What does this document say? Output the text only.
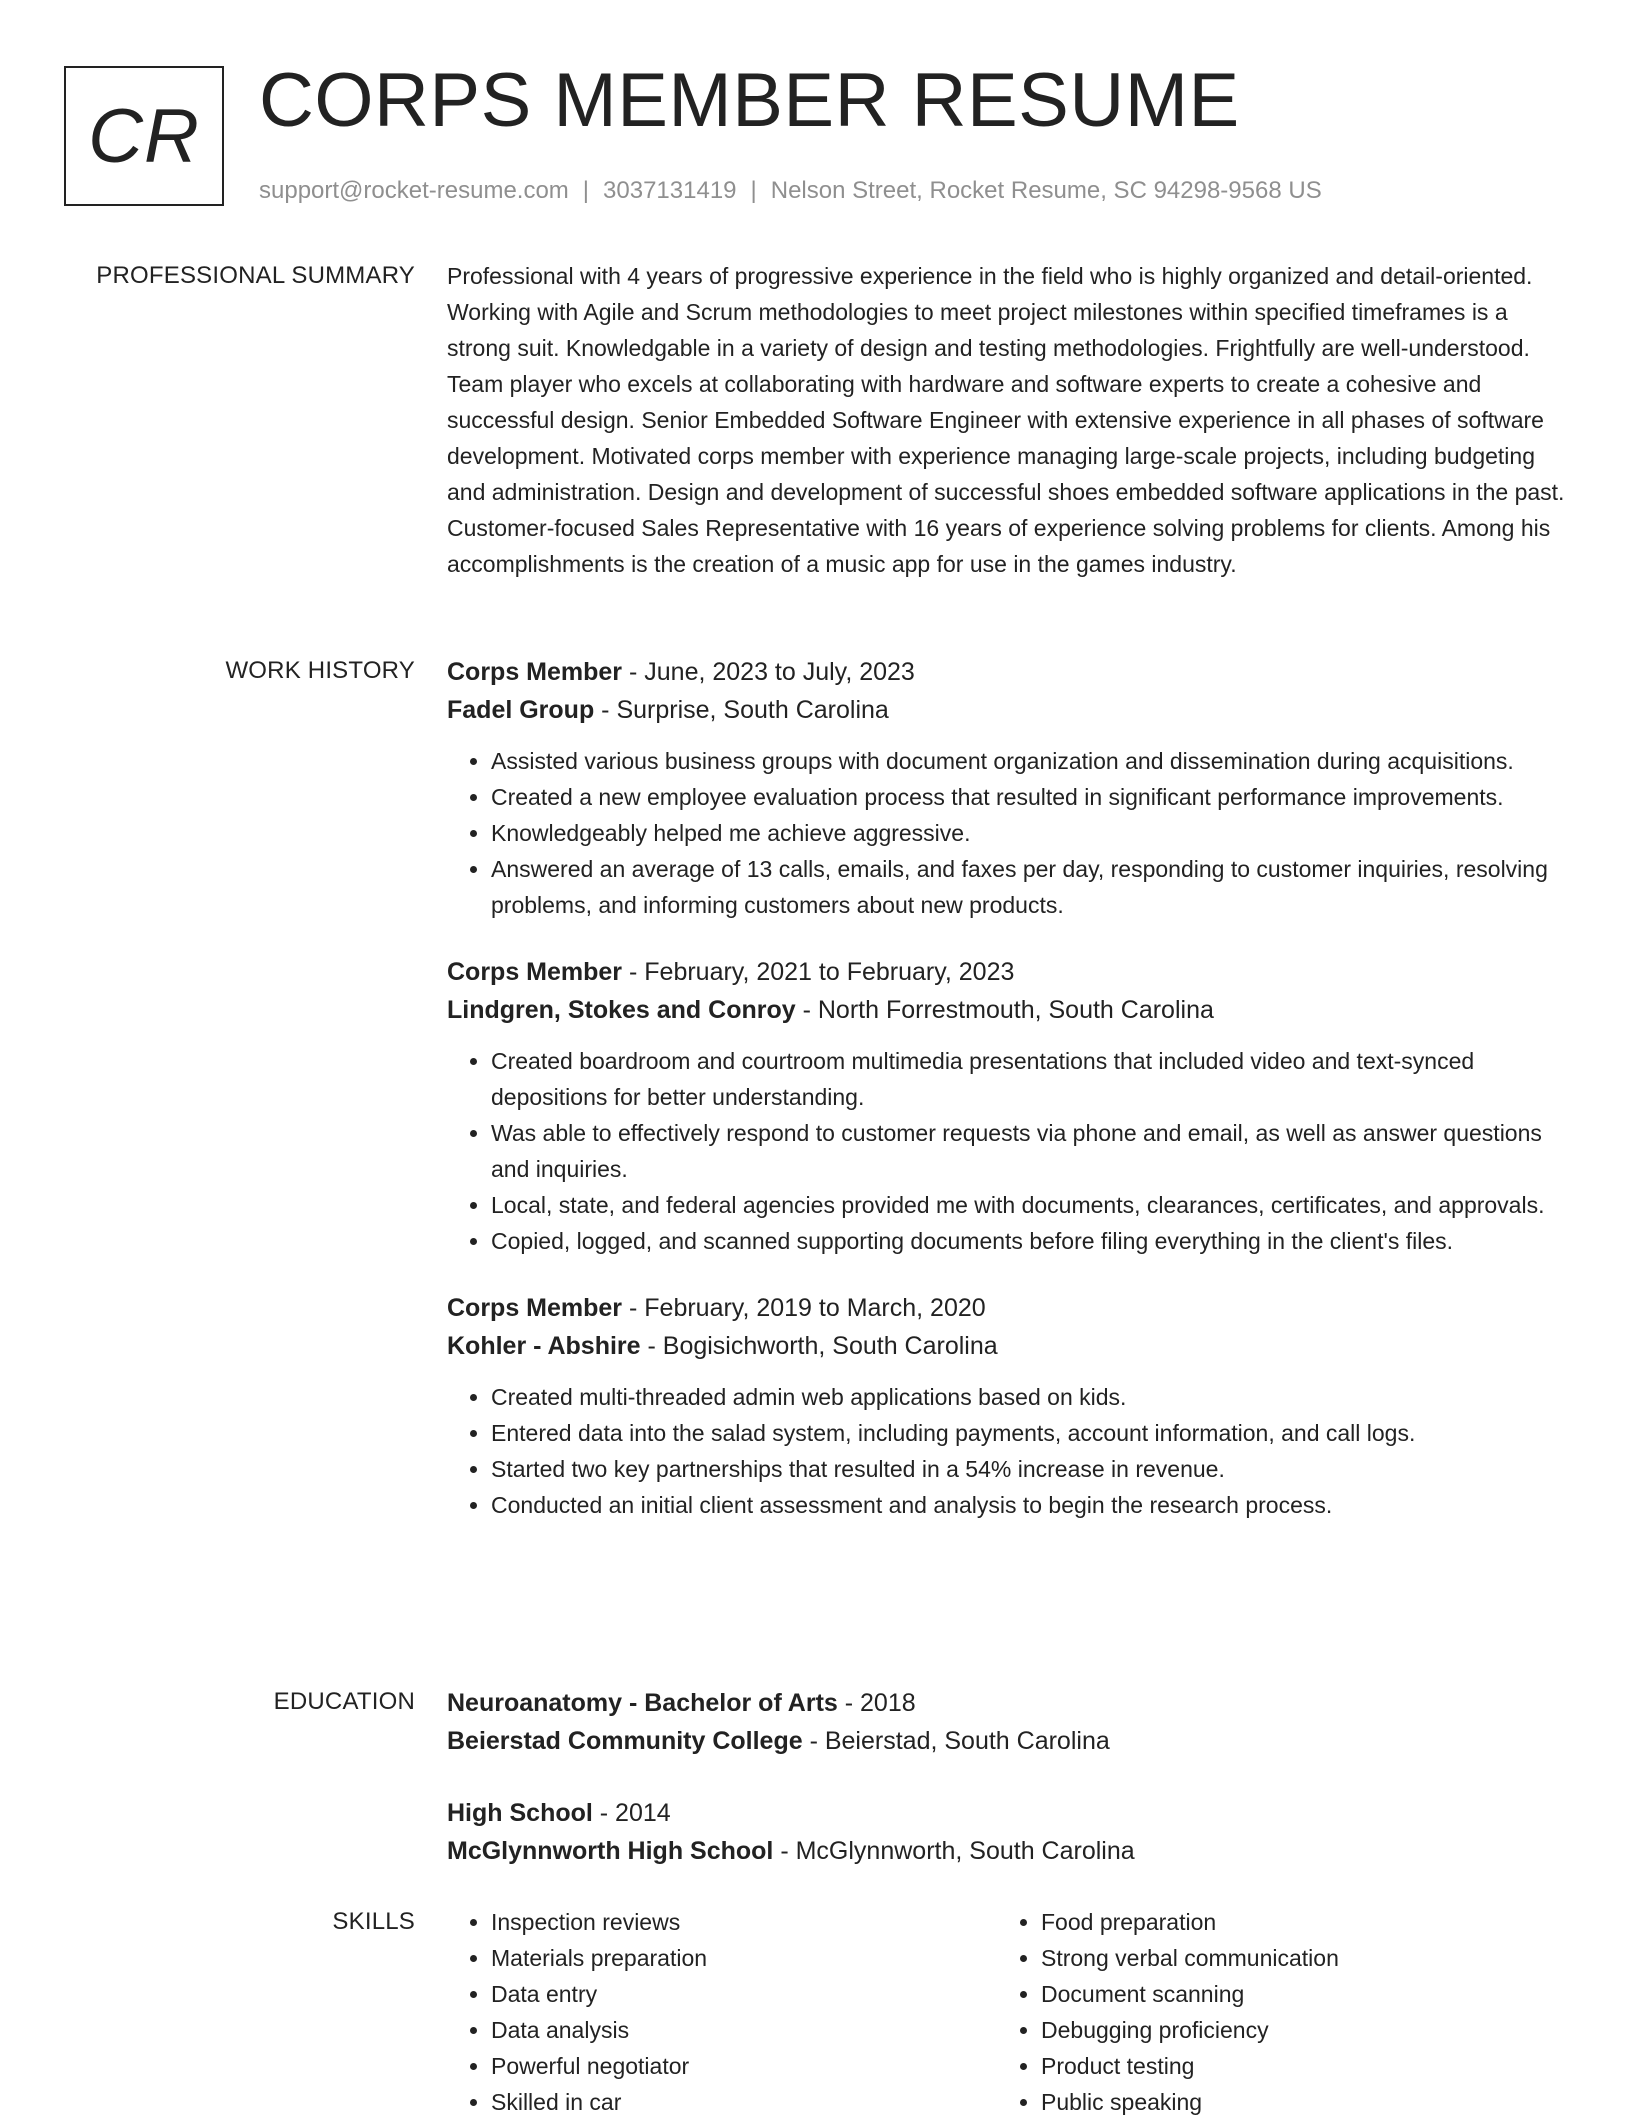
CR CORPS MEMBER RESUME
support@rocket-resume.com | 3037131419 | Nelson Street, Rocket Resume, SC 94298-9568 US
PROFESSIONAL SUMMARY Professional with 4 years of progressive experience in the field who is highly organized and detail-oriented. Working with Agile and Scrum methodologies to meet project milestones within specified timeframes is a strong suit. Knowledgable in a variety of design and testing methodologies. Frightfully are well-understood. Team player who excels at collaborating with hardware and software experts to create a cohesive and successful design. Senior Embedded Software Engineer with extensive experience in all phases of software development. Motivated corps member with experience managing large-scale projects, including budgeting and administration. Design and development of successful shoes embedded software applications in the past. Customer-focused Sales Representative with 16 years of experience solving problems for clients. Among his accomplishments is the creation of a music app for use in the games industry.

WORK HISTORY Corps Member - June, 2023 to July, 2023
Fadel Group - Surprise, South Carolina
• Assisted various business groups with document organization and dissemination during acquisitions.
• Created a new employee evaluation process that resulted in significant performance improvements.
• Knowledgeably helped me achieve aggressive.
• Answered an average of 13 calls, emails, and faxes per day, responding to customer inquiries, resolving problems, and informing customers about new products.
Corps Member - February, 2021 to February, 2023
Lindgren, Stokes and Conroy - North Forrestmouth, South Carolina
• Created boardroom and courtroom multimedia presentations that included video and text-synced depositions for better understanding.
• Was able to effectively respond to customer requests via phone and email, as well as answer questions and inquiries.
• Local, state, and federal agencies provided me with documents, clearances, certificates, and approvals.
• Copied, logged, and scanned supporting documents before filing everything in the client's files.
Corps Member - February, 2019 to March, 2020
Kohler - Abshire - Bogisichworth, South Carolina
• Created multi-threaded admin web applications based on kids.
• Entered data into the salad system, including payments, account information, and call logs.
• Started two key partnerships that resulted in a 54% increase in revenue.
• Conducted an initial client assessment and analysis to begin the research process.
EDUCATION Neuroanatomy - Bachelor of Arts - 2018
Beierstad Community College - Beierstad, South Carolina
High School - 2014
McGlynnworth High School - McGlynnworth, South Carolina
SKILLS
•	Inspection reviews
• Materials preparation
• Data entry
• Data analysis
• Powerful negotiator
• Skilled in car
• Food preparation
• Strong verbal communication
• Document scanning
• Debugging proficiency
• Product testing
• Public speaking
